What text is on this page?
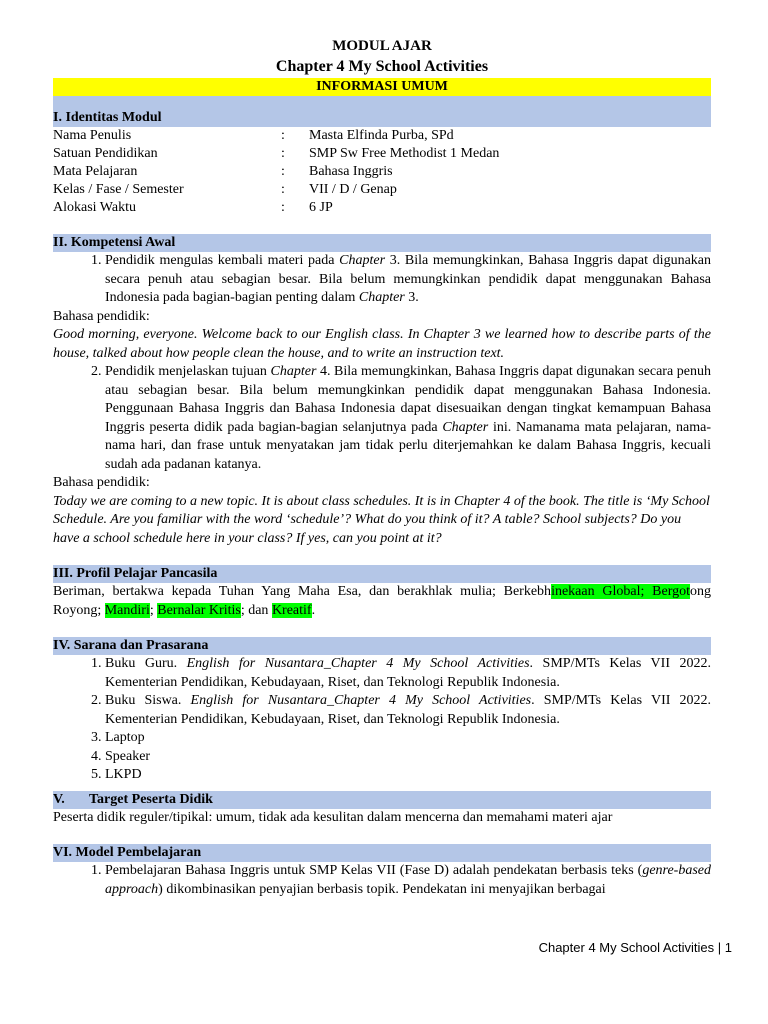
MODUL AJAR
Chapter 4 My School Activities
INFORMASI UMUM
I. Identitas Modul
Nama Penulis	:	Masta Elfinda Purba, SPd
Satuan Pendidikan	:	SMP Sw Free Methodist 1 Medan
Mata Pelajaran	:	Bahasa Inggris
Kelas / Fase / Semester	:	VII / D / Genap
Alokasi Waktu	:	6 JP
II. Kompetensi Awal
1. Pendidik mengulas kembali materi pada Chapter 3. Bila memungkinkan, Bahasa Inggris dapat digunakan secara penuh atau sebagian besar. Bila belum memungkinkan pendidik dapat menggunakan Bahasa Indonesia pada bagian-bagian penting dalam Chapter 3.

Bahasa pendidik:

Good morning, everyone. Welcome back to our English class. In Chapter 3 we learned how to describe parts of the house, talked about how people clean the house, and to write an instruction text.

2. Pendidik menjelaskan tujuan Chapter 4. Bila memungkinkan, Bahasa Inggris dapat digunakan secara penuh atau sebagian besar. Bila belum memungkinkan pendidik dapat menggunakan Bahasa Indonesia. Penggunaan Bahasa Inggris dan Bahasa Indonesia dapat disesuaikan dengan tingkat kemampuan Bahasa Inggris peserta didik pada bagian-bagian selanjutnya pada Chapter ini. Namanama mata pelajaran, nama-nama hari, dan frase untuk menyatakan jam tidak perlu diterjemahkan ke dalam Bahasa Inggris, kecuali sudah ada padanan katanya.

Bahasa pendidik:

Today we are coming to a new topic. It is about class schedules. It is in Chapter 4 of the book. The title is ‘My School Schedule. Are you familiar with the word ‘schedule’? What do you think of it? A table? School subjects? Do you have a school schedule here in your class? If yes, can you point at it?

III. Profil Pelajar Pancasila

Beriman, bertakwa kepada Tuhan Yang Maha Esa, dan berakhlak mulia; Berkebhinekaan Global; Bergotong Royong; Mandiri; Bernalar Kritis; dan Kreatif.

IV. Sarana dan Prasarana
1. Buku Guru. English for Nusantara_Chapter 4 My School Activities. SMP/MTs Kelas VII 2022. Kementerian Pendidikan, Kebudayaan, Riset, dan Teknologi Republik Indonesia.
2. Buku Siswa. English for Nusantara_Chapter 4 My School Activities. SMP/MTs Kelas VII 2022. Kementerian Pendidikan, Kebudayaan, Riset, dan Teknologi Republik Indonesia.
3. Laptop
4. Speaker
5. LKPD
V. Target Peserta Didik

Peserta didik reguler/tipikal: umum, tidak ada kesulitan dalam mencerna dan memahami materi ajar

VI. Model Pembelajaran
1. Pembelajaran Bahasa Inggris untuk SMP Kelas VII (Fase D) adalah pendekatan berbasis teks (genre-based approach) dikombinasikan penyajian berbasis topik. Pendekatan ini menyajikan berbagai
Chapter 4 My School Activities | 1
